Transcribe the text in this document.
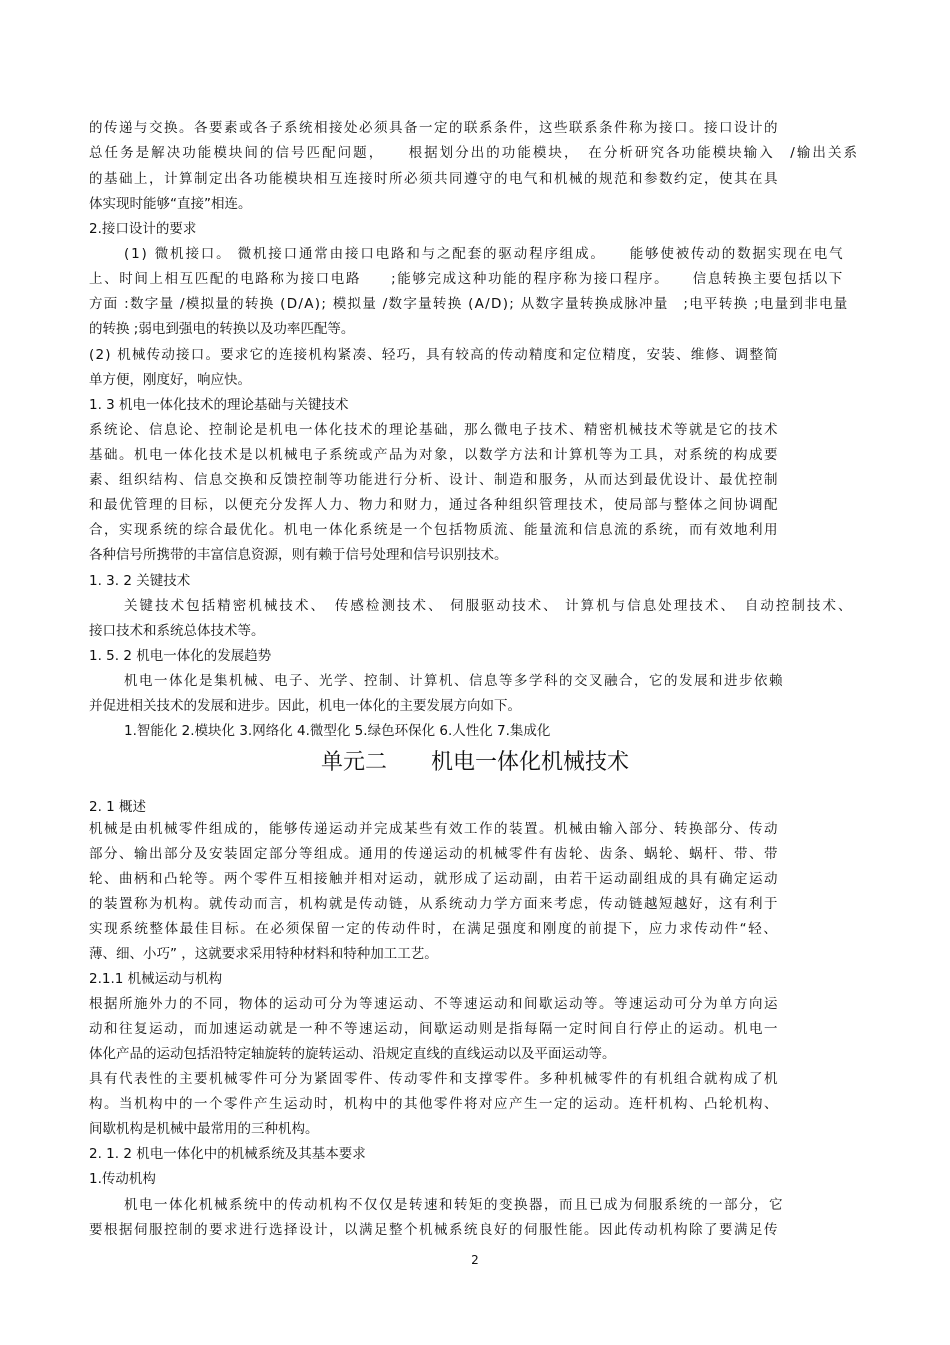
的传递与交换。各要素或各子系统相接处必须具备一定的联系条件，这些联系条件称为接口。接口设计的
总任务是解决功能模块间的信号匹配问题，　　根据划分出的功能模块，　在分析研究各功能模块输入　/输出关系
的基础上，计算制定出各功能模块相互连接时所必须共同遵守的电气和机械的规范和参数约定，使其在具
体实现时能够“直接”相连。
2.接口设计的要求
(1) 微机接口。 微机接口通常由接口电路和与之配套的驱动程序组成。　　能够使被传动的数据实现在电气
上、时间上相互匹配的电路称为接口电路　　;能够完成这种功能的程序称为接口程序。　　信息转换主要包括以下
方面 :数字量 /模拟量的转换 (D/A); 模拟量 /数字量转换 (A/D); 从数字量转换成脉冲量　;电平转换 ;电量到非电量
的转换 ;弱电到强电的转换以及功率匹配等。
(2) 机械传动接口。要求它的连接机构紧凑、轻巧，具有较高的传动精度和定位精度，安装、维修、调整简
单方便，刚度好，响应快。
1. 3 机电一体化技术的理论基础与关键技术
系统论、信息论、控制论是机电一体化技术的理论基础，那么微电子技术、精密机械技术等就是它的技术
基础。机电一体化技术是以机械电子系统或产品为对象，以数学方法和计算机等为工具，对系统的构成要
素、组织结构、信息交换和反馈控制等功能进行分析、设计、制造和服务，从而达到最优设计、最优控制
和最优管理的目标，以便充分发挥人力、物力和财力，通过各种组织管理技术，使局部与整体之间协调配
合，实现系统的综合最优化。机电一体化系统是一个包括物质流、能量流和信息流的系统，而有效地利用
各种信号所携带的丰富信息资源，则有赖于信号处理和信号识别技术。
1. 3. 2 关键技术
关键技术包括精密机械技术、　传感检测技术、 伺服驱动技术、 计算机与信息处理技术、　自动控制技术、
接口技术和系统总体技术等。
1. 5. 2 机电一体化的发展趋势
机电一体化是集机械、电子、光学、控制、计算机、信息等多学科的交叉融合，它的发展和进步依赖
并促进相关技术的发展和进步。因此，机电一体化的主要发展方向如下。
1.智能化 2.模块化 3.网络化 4.微型化 5.绿色环保化 6.人性化 7.集成化
单元二　　机电一体化机械技术
2. 1 概述
机械是由机械零件组成的，能够传递运动并完成某些有效工作的装置。机械由输入部分、转换部分、传动
部分、输出部分及安装固定部分等组成。通用的传递运动的机械零件有齿轮、齿条、蜗轮、蜗杆、带、带
轮、曲柄和凸轮等。两个零件互相接触并相对运动，就形成了运动副，由若干运动副组成的具有确定运动
的装置称为机构。就传动而言，机构就是传动链，从系统动力学方面来考虑，传动链越短越好，这有利于
实现系统整体最佳目标。在必须保留一定的传动件时，在满足强度和刚度的前提下，应力求传动件“轻、
薄、细、小巧” ，这就要求采用特种材料和特种加工工艺。
2.1.1 机械运动与机构
根据所施外力的不同，物体的运动可分为等速运动、不等速运动和间歇运动等。等速运动可分为单方向运
动和往复运动，而加速运动就是一种不等速运动，间歇运动则是指每隔一定时间自行停止的运动。机电一
体化产品的运动包括沿特定轴旋转的旋转运动、沿规定直线的直线运动以及平面运动等。
具有代表性的主要机械零件可分为紧固零件、传动零件和支撑零件。多种机械零件的有机组合就构成了机
构。当机构中的一个零件产生运动时，机构中的其他零件将对应产生一定的运动。连杆机构、凸轮机构、
间歇机构是机械中最常用的三种机构。
2. 1. 2 机电一体化中的机械系统及其基本要求
1.传动机构
机电一体化机械系统中的传动机构不仅仅是转速和转矩的变换器，而且已成为伺服系统的一部分，它
要根据伺服控制的要求进行选择设计，以满足整个机械系统良好的伺服性能。因此传动机构除了要满足传
2
